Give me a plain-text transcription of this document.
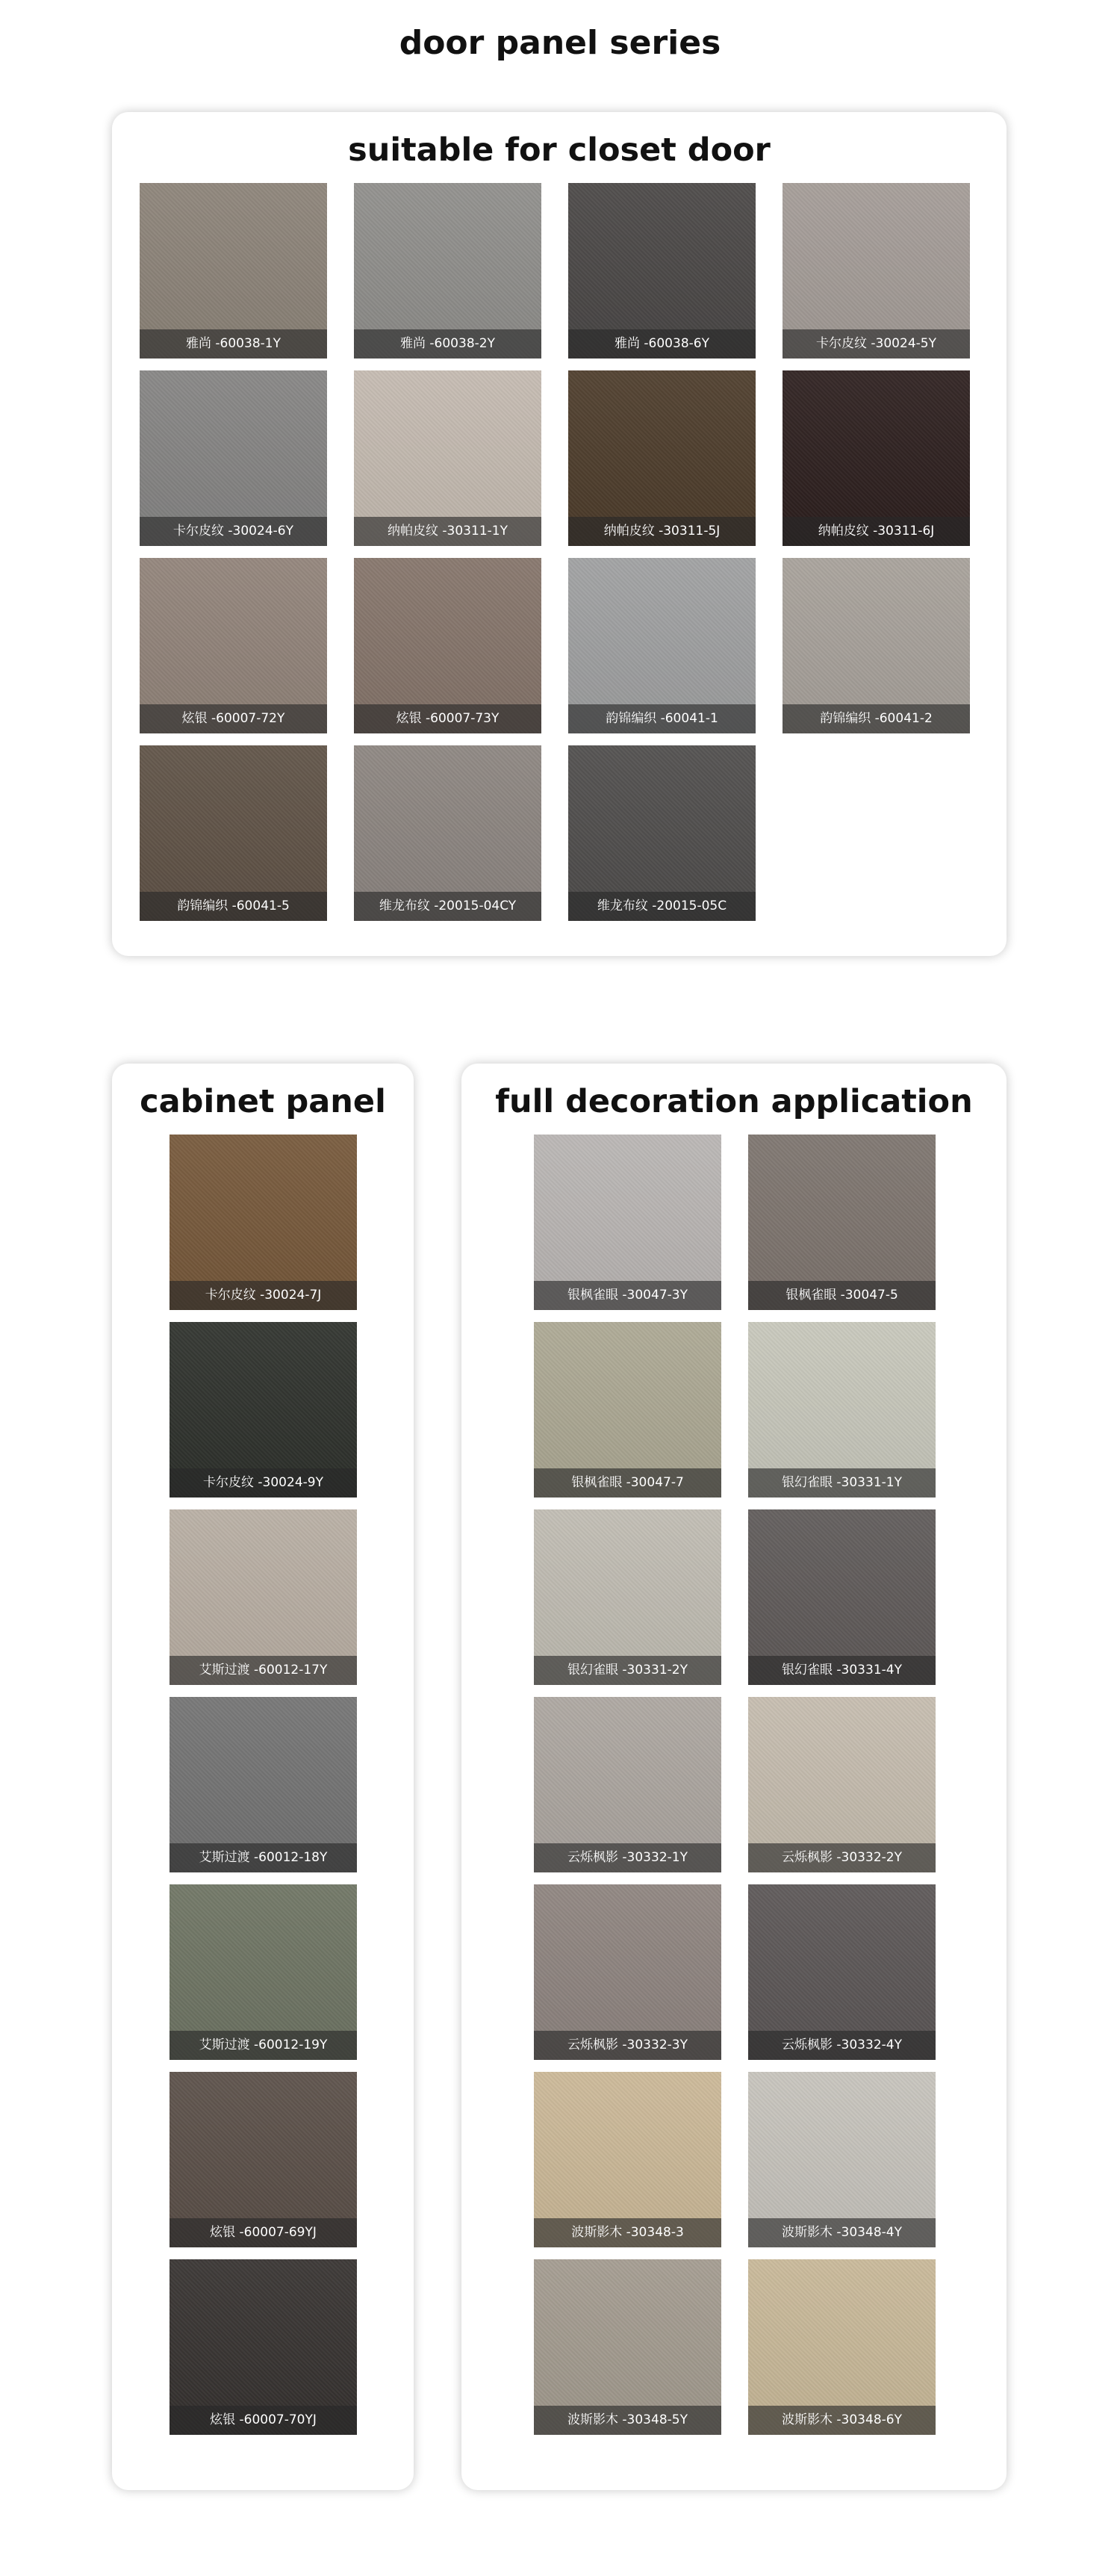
door panel series
suitable for closet door
雅尚 -60038-1Y	雅尚 -60038-2Y	雅尚 -60038-6Y	卡尔皮纹 -30024-5Y
卡尔皮纹 -30024-6Y	纳帕皮纹 -30311-1Y	纳帕皮纹 -30311-5J	纳帕皮纹 -30311-6J
炫银 -60007-72Y	炫银 -60007-73Y	韵锦编织 -60041-1	韵锦编织 -60041-2
韵锦编织 -60041-5	维龙布纹 -20015-04CY	维龙布纹 -20015-05C
cabinet panel
卡尔皮纹 -30024-7J
卡尔皮纹 -30024-9Y
艾斯过渡 -60012-17Y
艾斯过渡 -60012-18Y
艾斯过渡 -60012-19Y
炫银 -60007-69YJ
炫银 -60007-70YJ
full decoration application
银枫雀眼 -30047-3Y	银枫雀眼 -30047-5
银枫雀眼 -30047-7	银幻雀眼 -30331-1Y
银幻雀眼 -30331-2Y	银幻雀眼 -30331-4Y
云烁枫影 -30332-1Y	云烁枫影 -30332-2Y
云烁枫影 -30332-3Y	云烁枫影 -30332-4Y
波斯影木 -30348-3	波斯影木 -30348-4Y
波斯影木 -30348-5Y	波斯影木 -30348-6Y
